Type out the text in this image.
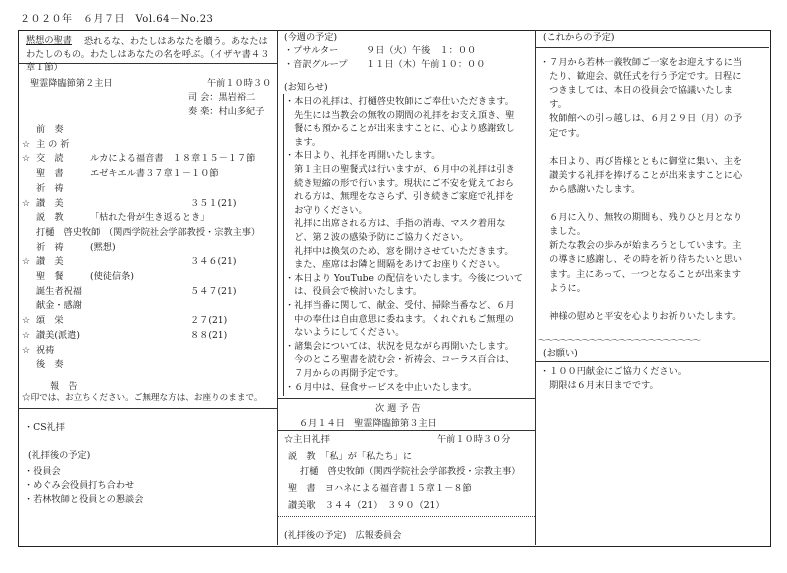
２０２０年　６月７日　Vol.64－No.23
黙想の聖書	恐れるな、わたしはあなたを贖う。あなたはわたしのもの。わたしはあなたの名を呼ぶ。（イザヤ書４３章１節）
聖霊降臨節第２主日	午前１０時３０
司 会：黒岩裕二
奏 楽：村山多紀子
前　奏
☆ 主 の 祈
☆ 交　読	ルカによる福音書　１８章１５－１７節
聖　書	エゼキエル書３７章１－１０節
祈　祷
☆ 讃　美	３５１(21)
説　教	「枯れた骨が生き返るとき」
打樋　啓史牧師 （関西学院社会学部教授・宗教主事）
祈　祷	(黙想)
☆ 讃　美	３４６(21)
聖　餐	(使徒信条)
誕生者祝福	５４７(21)
献金・感謝
☆ 頌　栄	２７(21)
☆ 讃美(派遣)	８８(21)
☆ 祝祷
後　奏
報　告
☆印では、お立ちください。ご無理な方は、お座りのままで。
・CS礼拝
(礼拝後の予定)
・役員会
・めぐみ会役員打ち合わせ
・若林牧師と役員との懇談会
(今週の予定)
・プサルター	９日（火）午後　１：００
・音訳グループ １１日（木）午前１０：００
(お知らせ)
・本日の礼拝は、打樋啓史牧師にご奉仕いただきます。
　先生には当教会の無牧の期間の礼拝をお支え頂き、聖
　餐にも預かることが出来ますことに、心より感謝致し
　ます。
・本日より、礼拝を再開いたします。
　第１主日の聖餐式は行いますが、６月中の礼拝は引き
　続き短縮の形で行います。現状にご不安を覚えておら
　れる方は、無理をなさらず、引き続きご家庭で礼拝を
　お守りください。
　礼拝に出席される方は、手指の消毒、マスク着用な
　ど、第２波の感染予防にご協力ください。
　礼拝中は換気のため、窓を開けさせていただきます。
　また、座席はお隣と間隔をあけてお座りください。
・本日より YouTube の配信をいたします。今後について
　は、役員会で検討いたします。
・礼拝当番に関して、献金、受付、掃除当番など、６月
　中の奉仕は自由意思に委ねます。くれぐれもご無理の
　ないようにしてください。
・諸集会については、状況を見ながら再開いたします。
　今のところ聖書を読む会・祈祷会、コーラス百合は、
　７月からの再開予定です。
・６月中は、昼食サービスを中止いたします。
次 週 予 告
６月１４日　聖霊降臨節第３主日
☆主日礼拝	午前１０時３０分
説　教　「私」が「私たち」に
打樋　啓史牧師（関西学院社会学部教授・宗教主事）
聖　書　ヨハネによる福音書１５章１－８節
讃美歌　３４４（21）　３９０（21）
(礼拝後の予定)　広報委員会
(これからの予定)
・７月から若林一義牧師ご一家をお迎えするに当
　たり、歓迎会、就任式を行う予定です。日程に
　つきましては、本日の役員会で協議いたしま
　す。
　牧師館への引っ越しは、６月２９日（月）の予
　定です。
　本日より、再び皆様とともに御堂に集い、主を
　讃美する礼拝を捧げることが出来ますことに心
　から感謝いたします。
　６月に入り、無牧の期間も、残りひと月となり
　ました。
　新たな教会の歩みが始まろうとしています。主
　の導きに感謝し、その時を祈り待ちたいと思い
　ます。主にあって、一つとなることが出来ます
　ように。
　神様の慰めと平安を心よりお祈りいたします。
～～～～～～～～～～～～～～～～～～～～～～
(お願い)
・１００円献金にご協力ください。
　期限は６月末日までです。
